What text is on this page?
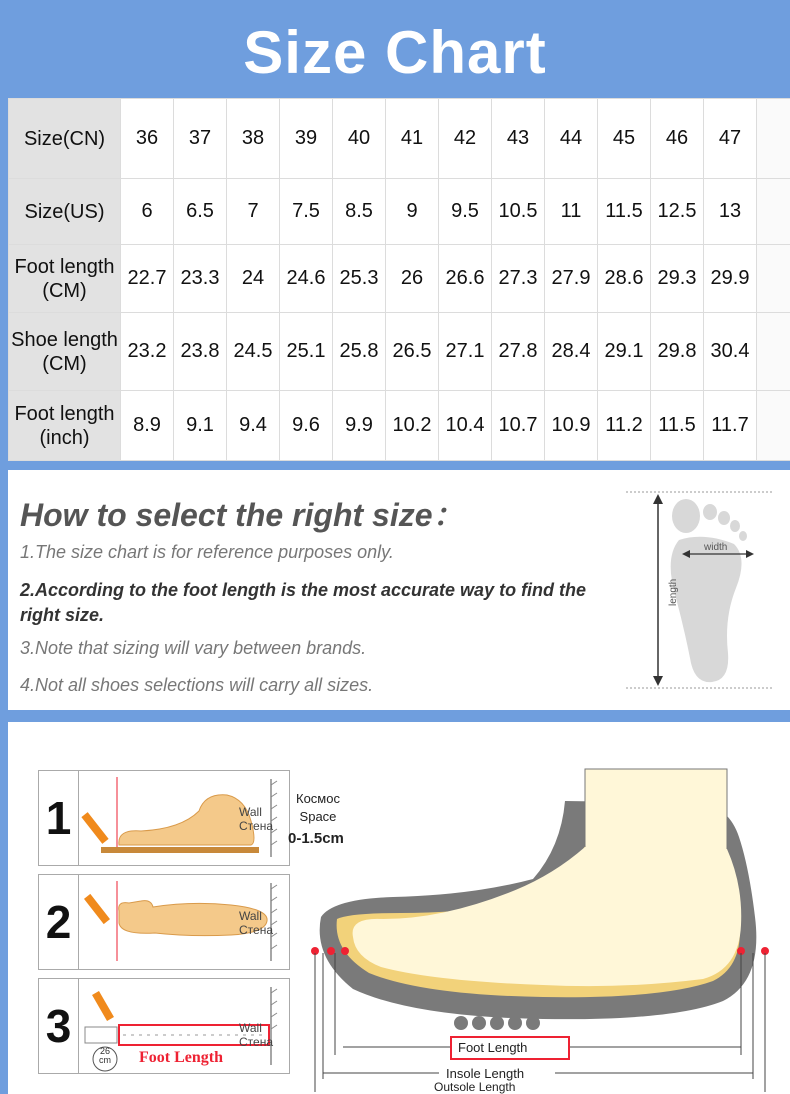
Size Chart
Size(CN)	36	37	38	39	40	41	42	43	44	45	46	47	

Size(US)	6	6.5	7	7.5	8.5	9	9.5	10.5	11	11.5	12.5	13	

Foot length
(CM)	22.7	23.3	24	24.6	25.3	26	26.6	27.3	27.9	28.6	29.3	29.9	

Shoe length
(CM)	23.2	23.8	24.5	25.1	25.8	26.5	27.1	27.8	28.4	29.1	29.8	30.4	

Foot length
(inch)	8.9	9.1	9.4	9.6	9.9	10.2	10.4	10.7	10.9	11.2	11.5	11.7	
How to select the right size：
1.The size chart is for reference purposes only.
2.According to the foot length is the most accurate way to find the right size.
3.Note that sizing will vary between brands.
4.Not all shoes selections will carry all sizes.
width
length
1	Wall
Стена
2	Wall
Стена
3	Wall
Стена
26
cm Foot Length
Космос
Space
0-1.5cm
Foot Length
Insole Length
Outsole Length
